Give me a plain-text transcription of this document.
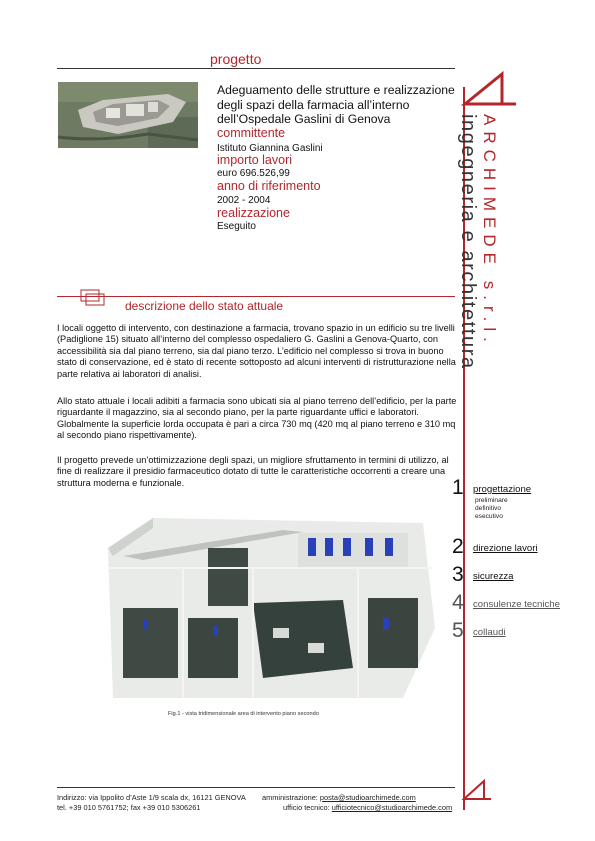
progetto
Adeguamento delle strutture e realizzazione degli spazi della farmacia all’interno dell’Ospedale Gaslini di Genova
committente
Istituto Giannina Gaslini
importo lavori
euro 696.526,99
anno di riferimento
2002 - 2004
realizzazione
Eseguito
descrizione dello stato attuale
I locali oggetto di intervento, con destinazione a farmacia, trovano spazio in un edificio su tre livelli (Padiglione 15) situato all’interno del complesso ospedaliero G. Gaslini a Genova-Quarto, con accessibilità sia dal piano terreno, sia dal piano terzo. L’edificio nel complesso si trova in buono stato di conservazione, ed è stato di recente sottoposto ad alcuni interventi di ristrutturazione nella parte relativa ai laboratori di analisi.
Allo stato attuale i locali adibiti a farmacia sono ubicati sia al piano terreno dell’edificio, per la parte riguardante il magazzino, sia al secondo piano, per la parte riguardante uffici e laboratori. Globalmente la superficie lorda occupata è pari a circa 730 mq (420 mq al piano terreno e 310 mq al secondo piano rispettivamente).
Il progetto prevede un’ottimizzazione degli spazi, un migliore sfruttamento in termini di utilizzo, al fine di realizzare il presidio farmaceutico dotato di tutte le caratteristiche occorrenti a creare una struttura moderna e funzionale.
Fig.1 - vista tridimensionale area di intervento piano secondo
ARCHIMEDE s.r.l.
ingegneria e architettura
1 progettazione
preliminare
definitivo
esecutivo
2 direzione lavori
3 sicurezza
4 consulenze tecniche
5 collaudi
Indirizzo: via Ippolito d’Aste 1/9 scala dx, 16121 GENOVA
tel. +39 010 5761752; fax +39 010 5306261
amministrazione: posta@studioarchimede.com
ufficio tecnico: ufficiotecnico@studioarchimede.com
